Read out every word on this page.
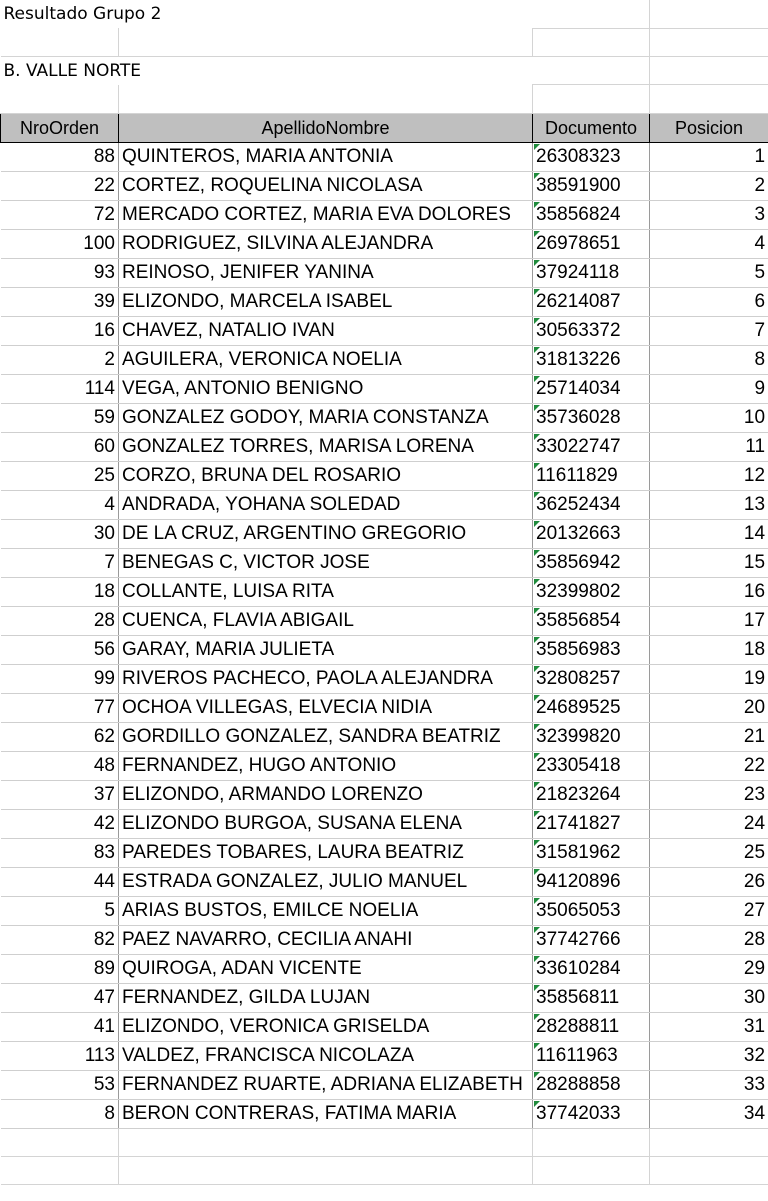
Resultado Grupo 2			

B. VALLE NORTE			

NroOrden	ApellidoNombre	Documento	Posicion
88	QUINTEROS, MARIA ANTONIA	26308323	1
22	CORTEZ, ROQUELINA NICOLASA	38591900	2
72	MERCADO CORTEZ, MARIA EVA DOLORES	35856824	3
100	RODRIGUEZ, SILVINA ALEJANDRA	26978651	4
93	REINOSO, JENIFER YANINA	37924118	5
39	ELIZONDO, MARCELA ISABEL	26214087	6
16	CHAVEZ, NATALIO IVAN	30563372	7
2	AGUILERA, VERONICA NOELIA	31813226	8
114	VEGA, ANTONIO BENIGNO	25714034	9
59	GONZALEZ GODOY, MARIA CONSTANZA	35736028	10
60	GONZALEZ TORRES, MARISA LORENA	33022747	11
25	CORZO, BRUNA DEL ROSARIO	11611829	12
4	ANDRADA, YOHANA SOLEDAD	36252434	13
30	DE LA CRUZ, ARGENTINO GREGORIO	20132663	14
7	BENEGAS C, VICTOR JOSE	35856942	15
18	COLLANTE, LUISA RITA	32399802	16
28	CUENCA, FLAVIA ABIGAIL	35856854	17
56	GARAY, MARIA JULIETA	35856983	18
99	RIVEROS PACHECO, PAOLA ALEJANDRA	32808257	19
77	OCHOA VILLEGAS, ELVECIA NIDIA	24689525	20
62	GORDILLO GONZALEZ, SANDRA BEATRIZ	32399820	21
48	FERNANDEZ, HUGO ANTONIO	23305418	22
37	ELIZONDO, ARMANDO LORENZO	21823264	23
42	ELIZONDO BURGOA, SUSANA ELENA	21741827	24
83	PAREDES TOBARES, LAURA BEATRIZ	31581962	25
44	ESTRADA GONZALEZ, JULIO MANUEL	94120896	26
5	ARIAS BUSTOS, EMILCE NOELIA	35065053	27
82	PAEZ NAVARRO, CECILIA ANAHI	37742766	28
89	QUIROGA, ADAN VICENTE	33610284	29
47	FERNANDEZ, GILDA LUJAN	35856811	30
41	ELIZONDO, VERONICA GRISELDA	28288811	31
113	VALDEZ, FRANCISCA NICOLAZA	11611963	32
53	FERNANDEZ RUARTE, ADRIANA ELIZABETH	28288858	33
8	BERON CONTRERAS, FATIMA MARIA	37742033	34
